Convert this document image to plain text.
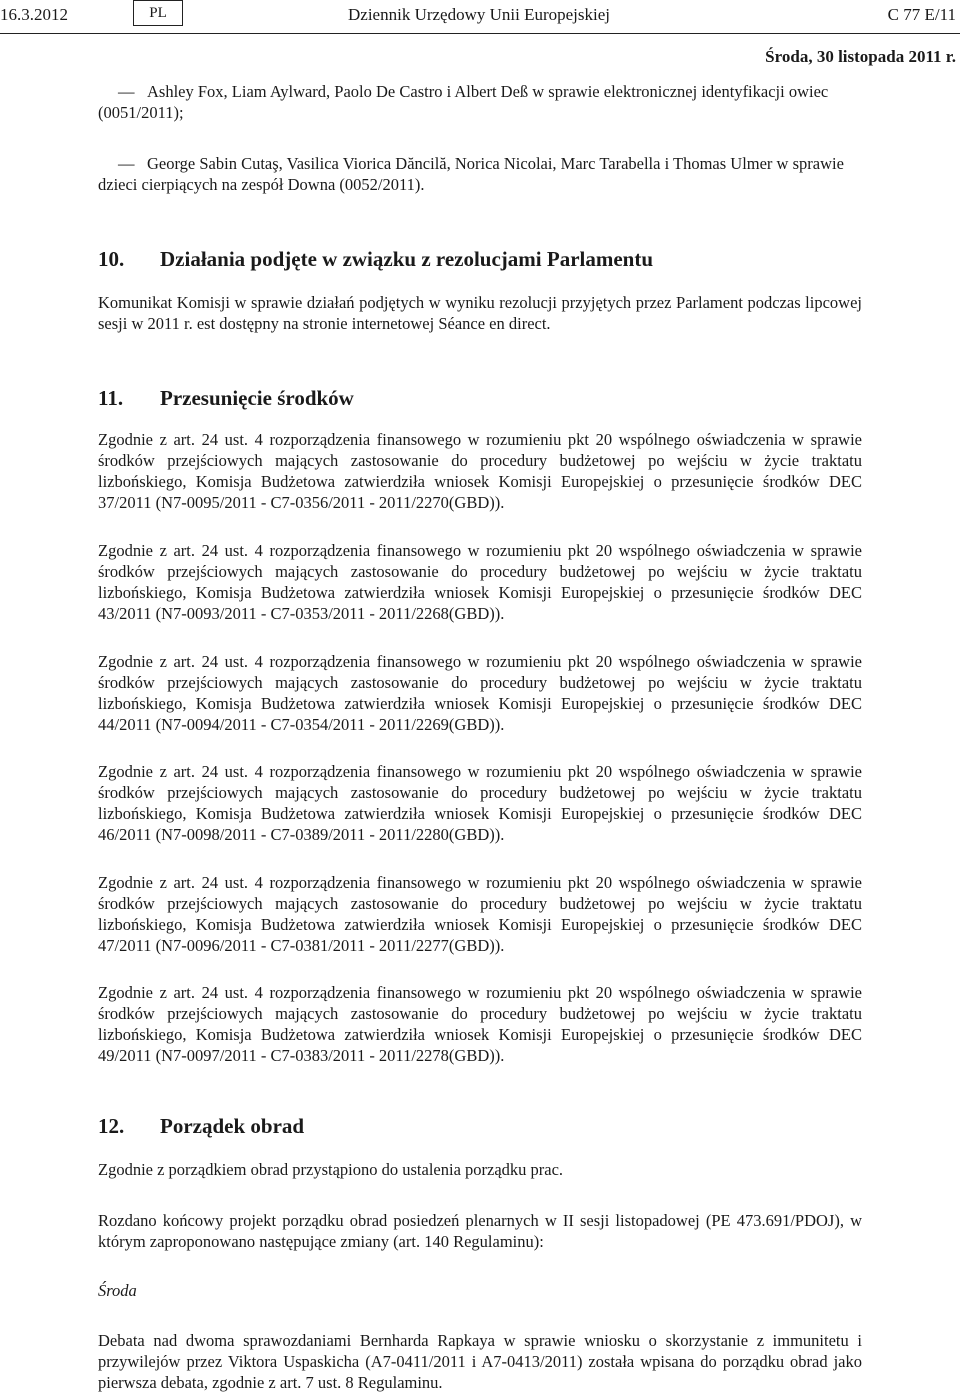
16.3.2012	PL	Dziennik Urzędowy Unii Europejskiej	C 77 E/11
Środa, 30 listopada 2011 r.
— Ashley Fox, Liam Aylward, Paolo De Castro i Albert Deß w sprawie elektronicznej identyfikacji owiec (0051/2011);
— George Sabin Cutaş, Vasilica Viorica Dăncilă, Norica Nicolai, Marc Tarabella i Thomas Ulmer w sprawie dzieci cierpiących na zespół Downa (0052/2011).
10. Działania podjęte w związku z rezolucjami Parlamentu
Komunikat Komisji w sprawie działań podjętych w wyniku rezolucji przyjętych przez Parlament podczas lipcowej sesji w 2011 r. est dostępny na stronie internetowej Séance en direct.
11. Przesunięcie środków
Zgodnie z art. 24 ust. 4 rozporządzenia finansowego w rozumieniu pkt 20 wspólnego oświadczenia w sprawie środków przejściowych mających zastosowanie do procedury budżetowej po wejściu w życie traktatu lizbońskiego, Komisja Budżetowa zatwierdziła wniosek Komisji Europejskiej o przesunięcie środków DEC 37/2011 (N7-0095/2011 - C7-0356/2011 - 2011/2270(GBD)).
Zgodnie z art. 24 ust. 4 rozporządzenia finansowego w rozumieniu pkt 20 wspólnego oświadczenia w sprawie środków przejściowych mających zastosowanie do procedury budżetowej po wejściu w życie traktatu lizbońskiego, Komisja Budżetowa zatwierdziła wniosek Komisji Europejskiej o przesunięcie środków DEC 43/2011 (N7-0093/2011 - C7-0353/2011 - 2011/2268(GBD)).
Zgodnie z art. 24 ust. 4 rozporządzenia finansowego w rozumieniu pkt 20 wspólnego oświadczenia w sprawie środków przejściowych mających zastosowanie do procedury budżetowej po wejściu w życie traktatu lizbońskiego, Komisja Budżetowa zatwierdziła wniosek Komisji Europejskiej o przesunięcie środków DEC 44/2011 (N7-0094/2011 - C7-0354/2011 - 2011/2269(GBD)).
Zgodnie z art. 24 ust. 4 rozporządzenia finansowego w rozumieniu pkt 20 wspólnego oświadczenia w sprawie środków przejściowych mających zastosowanie do procedury budżetowej po wejściu w życie traktatu lizbońskiego, Komisja Budżetowa zatwierdziła wniosek Komisji Europejskiej o przesunięcie środków DEC 46/2011 (N7-0098/2011 - C7-0389/2011 - 2011/2280(GBD)).
Zgodnie z art. 24 ust. 4 rozporządzenia finansowego w rozumieniu pkt 20 wspólnego oświadczenia w sprawie środków przejściowych mających zastosowanie do procedury budżetowej po wejściu w życie traktatu lizbońskiego, Komisja Budżetowa zatwierdziła wniosek Komisji Europejskiej o przesunięcie środków DEC 47/2011 (N7-0096/2011 - C7-0381/2011 - 2011/2277(GBD)).
Zgodnie z art. 24 ust. 4 rozporządzenia finansowego w rozumieniu pkt 20 wspólnego oświadczenia w sprawie środków przejściowych mających zastosowanie do procedury budżetowej po wejściu w życie traktatu lizbońskiego, Komisja Budżetowa zatwierdziła wniosek Komisji Europejskiej o przesunięcie środków DEC 49/2011 (N7-0097/2011 - C7-0383/2011 - 2011/2278(GBD)).
12. Porządek obrad
Zgodnie z porządkiem obrad przystąpiono do ustalenia porządku prac.
Rozdano końcowy projekt porządku obrad posiedzeń plenarnych w II sesji listopadowej (PE 473.691/PDOJ), w którym zaproponowano następujące zmiany (art. 140 Regulaminu):
Środa
Debata nad dwoma sprawozdaniami Bernharda Rapkaya w sprawie wniosku o skorzystanie z immunitetu i przywilejów przez Viktora Uspaskicha (A7-0411/2011 i A7-0413/2011) została wpisana do porządku obrad jako pierwsza debata, zgodnie z art. 7 ust. 8 Regulaminu.
